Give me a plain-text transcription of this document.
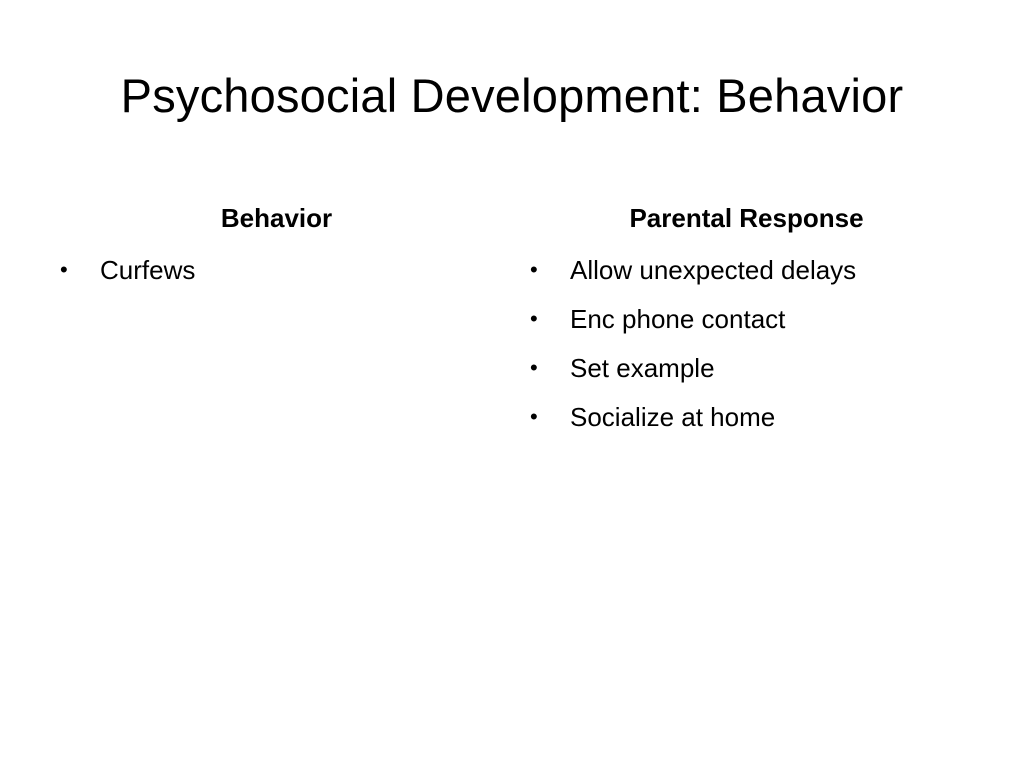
Psychosocial Development: Behavior
Behavior	Parental Response
• Curfews	• Allow unexpected delays
• Enc phone contact
• Set example
• Socialize at home
